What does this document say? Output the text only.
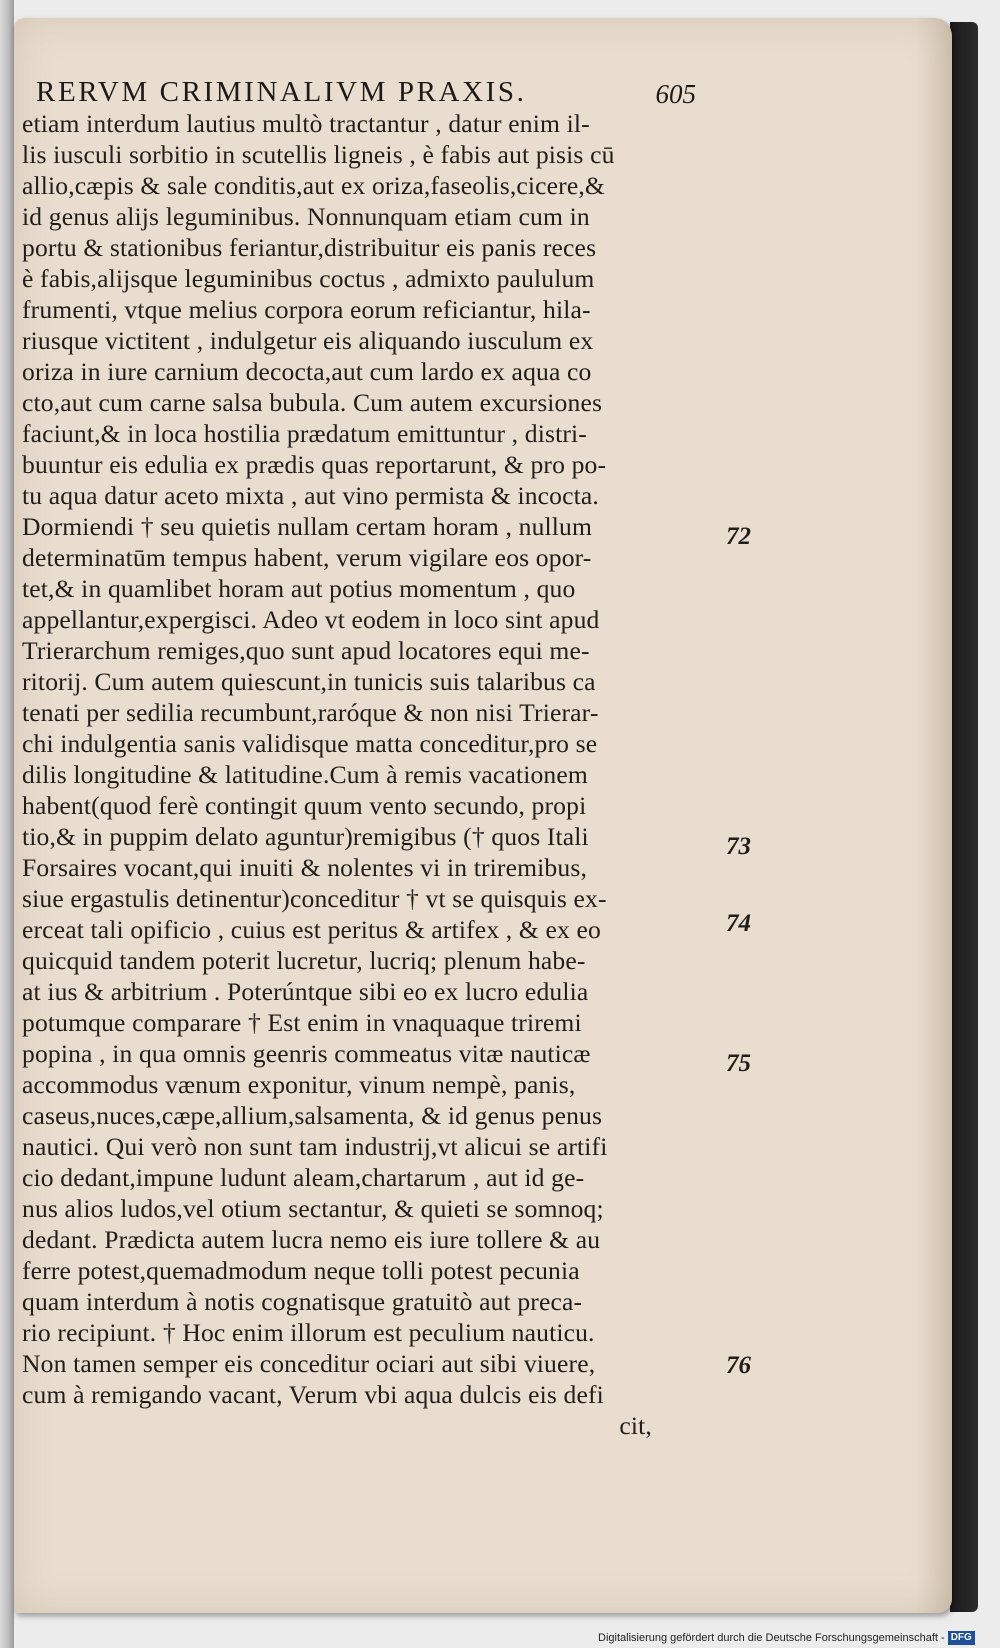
RERVM CRIMINALIVM PRAXIS.	605
etiam interdum lautius multò tractantur , datur enim il-
lis iusculi sorbitio in scutellis ligneis , è fabis aut pisis cū
allio,cæpis & sale conditis,aut ex oriza,faseolis,cicere,&
id genus alijs leguminibus. Nonnunquam etiam cum in
portu & stationibus feriantur,distribuitur eis panis reces
è fabis,alijsque leguminibus coctus , admixto paululum
frumenti, vtque melius corpora eorum reficiantur, hila-
riusque victitent , indulgetur eis aliquando iusculum ex
oriza in iure carnium decocta,aut cum lardo ex aqua co
cto,aut cum carne salsa bubula. Cum autem excursiones
faciunt,& in loca hostilia prædatum emittuntur , distri-
buuntur eis edulia ex prædis quas reportarunt, & pro po-
tu aqua datur aceto mixta , aut vino permista & incocta.
Dormiendi † seu quietis nullam certam horam , nullum
determinatūm tempus habent, verum vigilare eos opor-
tet,& in quamlibet horam aut potius momentum , quo
appellantur,expergisci. Adeo vt eodem in loco sint apud
Trierarchum remiges,quo sunt apud locatores equi me-
ritorij. Cum autem quiescunt,in tunicis suis talaribus ca
tenati per sedilia recumbunt,raróque & non nisi Trierar-
chi indulgentia sanis validisque matta conceditur,pro se
dilis longitudine & latitudine.Cum à remis vacationem
habent(quod ferè contingit quum vento secundo, propi
tio,& in puppim delato aguntur)remigibus († quos Itali
Forsaires vocant,qui inuiti & nolentes vi in triremibus,
siue ergastulis detinentur)conceditur † vt se quisquis ex-
erceat tali opificio , cuius est peritus & artifex , & ex eo
quicquid tandem poterit lucretur, lucriq; plenum habe-
at ius & arbitrium . Poterúntque sibi eo ex lucro edulia
potumque comparare † Est enim in vnaquaque triremi
popina , in qua omnis geenris commeatus vitæ nauticæ
accommodus vænum exponitur, vinum nempè, panis,
caseus,nuces,cæpe,allium,salsamenta, & id genus penus
nautici. Qui verò non sunt tam industrij,vt alicui se artifi
cio dedant,impune ludunt aleam,chartarum , aut id ge-
nus alios ludos,vel otium sectantur, & quieti se somnoq;
dedant. Prædicta autem lucra nemo eis iure tollere & au
ferre potest,quemadmodum neque tolli potest pecunia
quam interdum à notis cognatisque gratuitò aut preca-
rio recipiunt. † Hoc enim illorum est peculium nauticu.
Non tamen semper eis conceditur ociari aut sibi viuere,
cum à remigando vacant, Verum vbi aqua dulcis eis defi
cit,
72
73
74
75
76
Digitalisierung gefördert durch die Deutsche Forschungsgemeinschaft - DFG
